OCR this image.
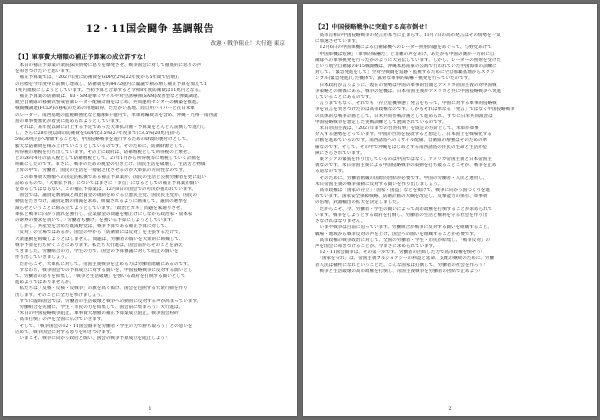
12・11国会闘争 基調報告
改憲・戦争阻止！大行進 東京
【1】軍事費大増額の補正予算案の成立許すな！
　本日の補正予算案の衆院採決情勢に怒りを爆発させ、戦争国会に対して徹底的に怒りの声
を叩きつけたいと思います。
　補正予算案では、「2027年度に防衛費をGDP比2%(22年度から5年間で倍増)」
の目標を今年度中に前倒し達成し、防衛費を約8472億円に閣議で積み増し補正予算を加えて1
1兆円規模にしようとしています。当初予算と合算すると令和8年度防衛費は11兆円となる。
　補正予算案の防衛費は、03・SM迎撃ミサイルや対空誘導弾(SAM)改善型など弾薬調達、
航空自衛隊の移動式警戒管制レーダー配備計画をはじめ、共同運用センターの構築を推進、
戦闘機調達(FCLP)の移転のための用地取得、たたかい基地、陸自用ハイパーと在日米軍
のレーダー、南西基地の監視網強化など総額8千億円で、米軍再編費等を含め、沖縄・九州一南西諸
島の軍事要塞化が着実に進められようとしています。
　それは、来年度以降に計上する予定であった大軍拡計画・予算案をどんどん前倒しで進行し
し、さらに28年度以降の防衛費をGDP比3.5%(27年度までに3.5%(20兆円)から
5%(30兆円)へ増額することを、中国侵略戦争を遂行するための財政的裏付けとして、
膨大な防衛費を積み上げていこうとしているのです。そのために、防衛財源として、
所得税の増税を打ち出しています。その上に政府は、防衛増税として所得税の上乗せ、
との26年4月の法人税として防衛増税として、27年1月から所得税等に増税していく計画を
明確にしたのです。まさに、戦争のための税金の引き上げ、国民生活を破壊し、生活苦と物価
上昇の中で、労働者、国民の生活を一層窮乏化させるのが大軍拡の方向性なのです。
　この軍事費大増額への決定的転換である補正予算案が、国民の生活と公務労働者を更に追い
詰めるもので、「大軍拡予算」についてはまさに「争点」になるとしての補正予算案が闘い
をゆるしてはならない。この補正予算案は、12月8日の国会での可決が狙われています。
　国会では、議員定数削減と政治資金の規制をめぐる立憲民主党、国民民主党が、国民の
動揺をたきつけ、議員定数の削減を求め、組閣されるように画策して、議員の選挙を
減らせということに組み立てようとしています。「政治とカネ」問題を素通りさせ、
軍拡と戦争に向かう流れを強行し、企業献金の問題を棚上げにしながら政治家・資本家
の財界の要求を貫いて、「労働者も働け」を強いる予算にしようとしています。
　しかし、共産党を含めた既成野党は、戦争予算である補正予算に対して、
「反対」の立場ではあるが、国会の中から「防衛費には反対」を主張するだけで、
大衆運動を組織しようとはしません。問題は、労働者の闘いを大衆的に組織して、
戦争予算を打ち砕くことにあります。私たち大行進は、国会前からそのことを訴え
てきました。労働組合の力、学生の力で、国会の予算審議に対して阻止の闘いを
作り出していきましょう。
　だからこそ、大軍拡に対して、帝国主義戦争を止める力は労働者階級にあるのです。
　すなわち、戦争国会での予算成立に対する闘いを、中国侵略戦争に反対する闘いとし
て、労働者の怒りを結集し、「戦争と生活破壊」を強いる政府を打倒する闘いとして
進めようではありませんか。
　私たちは「反戦・反核・反戦争」の旗を高く掲げ、国会を包囲する大衆行動を作り
出します。そのことに全力を挙げましょう。
　すでに臨時国会では、労働者の生活破壊と戦争への動員に反対する声が高まっています。
　労働組合を先頭に、学生・市民の力を結集して、国会前に集まろう！大行進は、
「米日の中国侵略戦争阻止、軍事費大増額の補正予算案成立阻止、戦争国会粉砕
、高市打倒」の声を全国に広げていきます。
　そして、「戦争国会の12・11国会闘争を労働者・学生の力で勝ち取ろう」との思いを
込めて、戦争国会に対する怒りを叩きつけます。
　いまこそ、戦争に向かう政府と闘い、国会の戦争予算成立を阻止しよう！
1
【2】中国侵略戦争に突進する高市倒せ！
　高市首相の中国侵略戦争の発言が本当に止まらず、11月7日の高市発言はその情勢を一気
に加速させています。
　12月6日の中国軍機による自衛隊機へのレーダー照射問題をめぐって、与野党あげて
「中国軍機は危険」「軍事的威嚇だ」と非難の声をあげ、あたかも中国の側が一方的に自
衛隊への軍事挑発を行ったかのように大宣伝しています。しかし、レーダーの照射を受けた
という航空自衛隊のF15戦闘機は、沖縄本島南東の公海で行われていた中国海軍の訓練に
対して、「緊急発進をして」空対空戦闘を追跡・監視するために空自那覇基地からスクラ
ンブル(緊急発進)した機体で、露骨な軍事的威嚇・挑発を行っていたのです。
　日本政府が言うように、現在の情勢は中国の軍事的台頭とアメリカ帝国主義の対中国戦
争策略との関係にある。戦争の危機は、日本帝国主義がアメリカと共に中国侵略戦争へ突進
していることにあるのです。
　言うまでもなく、それでも「存立危機事態」発言をもって、中国に対する軍事的侵略戦
争を宣言を突きつけたのは高市政権なのです。しかもそれは単なる「発言」ではなく中国侵略戦争
の具体的な戦争計画として、日米共同作戦計画として進められ、すでに日米共同演習は
中国侵略戦争を想定した実戦訓練として展開されているのです。
　米日帝国主義は、「2027年までの台湾有事」を既定の方針として、米軍が軍事
介入する態勢をとっています。中国が台湾を侵攻すると想定し、日本国土を戦場化する
計画を進めているのです。南西諸島へのミサイル配備、自衛隊の増強はそのための準
備なのです。そして、その中で沖縄をはじめとする南西諸島の住民の生命と生活が危
険にさらされています。
　東アジアの緊張を作り出しているのは中国ではなく、アメリカ帝国主義と日本帝国主
義なのです。米日帝国主義による中国侵略戦争の策動を打ち破ることこそが、戦争を止め
る道なのです。
　そのために、労働者階級の国際的団結が必要です。中国の労働者・人民と連帯し、
米日帝国主義の戦争策動に反対する闘いを作り出しましょう。
　高市政権は「国家の存立」「国家・国益」などを掲げて、戦争に向かう国づくりを進
めています。国家安全保障戦略、防衛計画の大綱を改定し、反撃能力の保有、軍事費
の倍増、武器輸出の拡大を決定しました。
　だからこそ、今、労働者・学生の闘いによって高市政権を打倒することが求められて
います。戦争をしようとする政府を打倒し、労働者の生活と権利を守る社会を作り出
さなければなりません。
　いまや戦争は目前に迫っています。労働組合が戦争に反対する闘いを組織すること、
職場・地域から戦争反対の声を上げ、国会への闘いを組織することが必要です。
　高市政権の戦争政治に対して、全国の労働者・学生・市民が結集し、「戦争反対」の
声を国会に叩きつけることが、今まさに求められています。
　12・11国会闘争は、その第一歩です。労働者の団結した力で高市政権を倒そう！
　「国家を守れ」は、帝国主義ブルジョアジーの利益と延命、支配の継続のために、労働
者人民は犠牲になれということだ。こんな国家は打倒して、労働者の社会を作ろう！
　戦争と生活破壊の高市政権を打倒し、帝国主義戦争を労働者の団結で止めよう！
2
